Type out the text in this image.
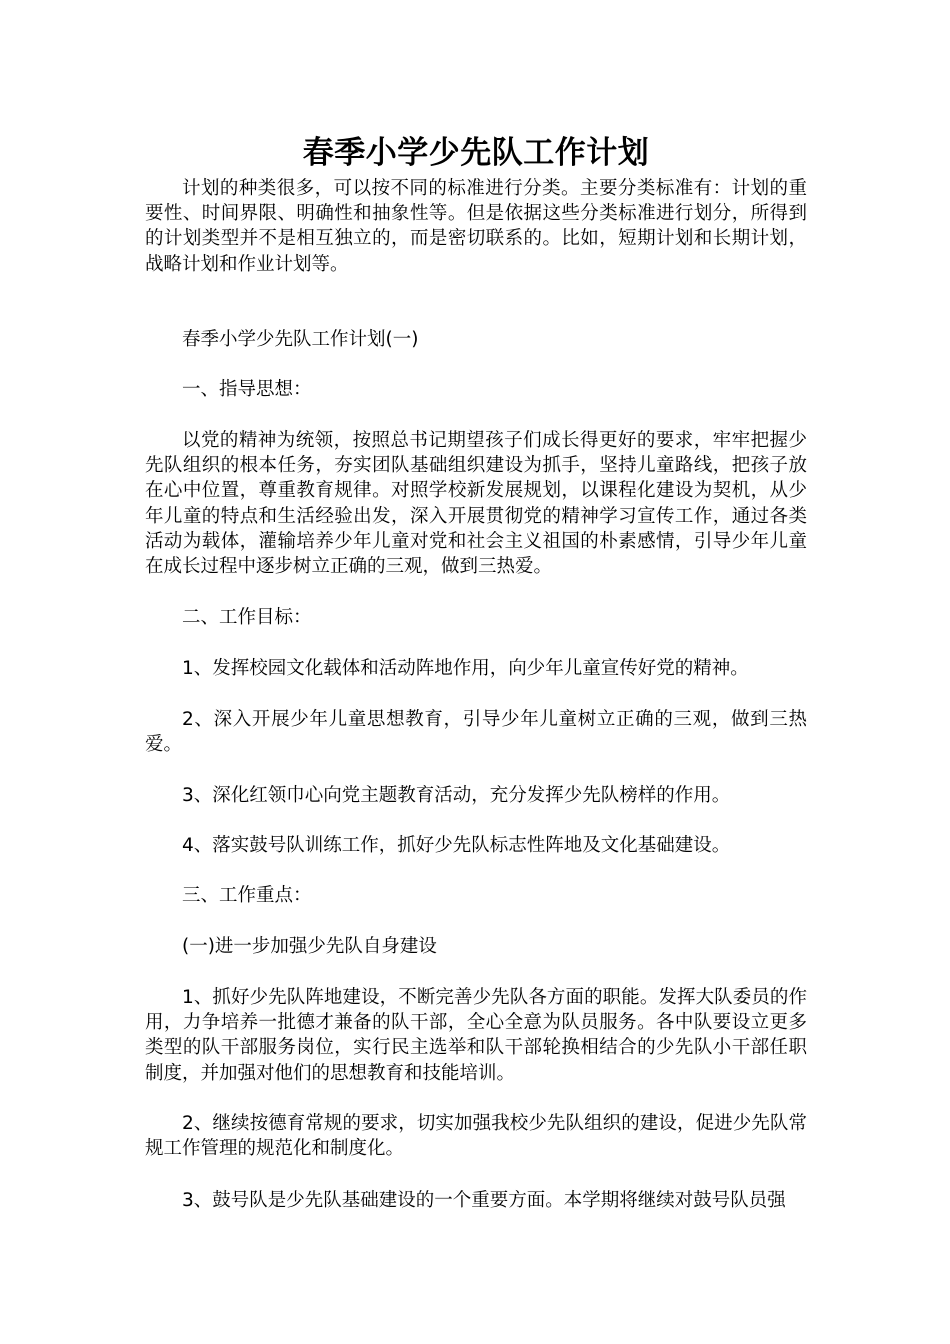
春季小学少先队工作计划

计划的种类很多，可以按不同的标准进行分类。主要分类标准有：计划的重要性、时间界限、明确性和抽象性等。但是依据这些分类标准进行划分，所得到的计划类型并不是相互独立的，而是密切联系的。比如，短期计划和长期计划，战略计划和作业计划等。

春季小学少先队工作计划(一)

一、指导思想：

以党的精神为统领，按照总书记期望孩子们成长得更好的要求，牢牢把握少先队组织的根本任务，夯实团队基础组织建设为抓手，坚持儿童路线，把孩子放在心中位置，尊重教育规律。对照学校新发展规划，以课程化建设为契机，从少年儿童的特点和生活经验出发，深入开展贯彻党的精神学习宣传工作，通过各类活动为载体，灌输培养少年儿童对党和社会主义祖国的朴素感情，引导少年儿童在成长过程中逐步树立正确的三观，做到三热爱。

二、工作目标：

1、发挥校园文化载体和活动阵地作用，向少年儿童宣传好党的精神。

2、深入开展少年儿童思想教育，引导少年儿童树立正确的三观，做到三热爱。

3、深化红领巾心向党主题教育活动，充分发挥少先队榜样的作用。

4、落实鼓号队训练工作，抓好少先队标志性阵地及文化基础建设。

三、工作重点：

(一)进一步加强少先队自身建设

1、抓好少先队阵地建设，不断完善少先队各方面的职能。发挥大队委员的作用，力争培养一批德才兼备的队干部，全心全意为队员服务。各中队要设立更多类型的队干部服务岗位，实行民主选举和队干部轮换相结合的少先队小干部任职制度，并加强对他们的思想教育和技能培训。

2、继续按德育常规的要求，切实加强我校少先队组织的建设，促进少先队常规工作管理的规范化和制度化。

3、鼓号队是少先队基础建设的一个重要方面。本学期将继续对鼓号队员强
